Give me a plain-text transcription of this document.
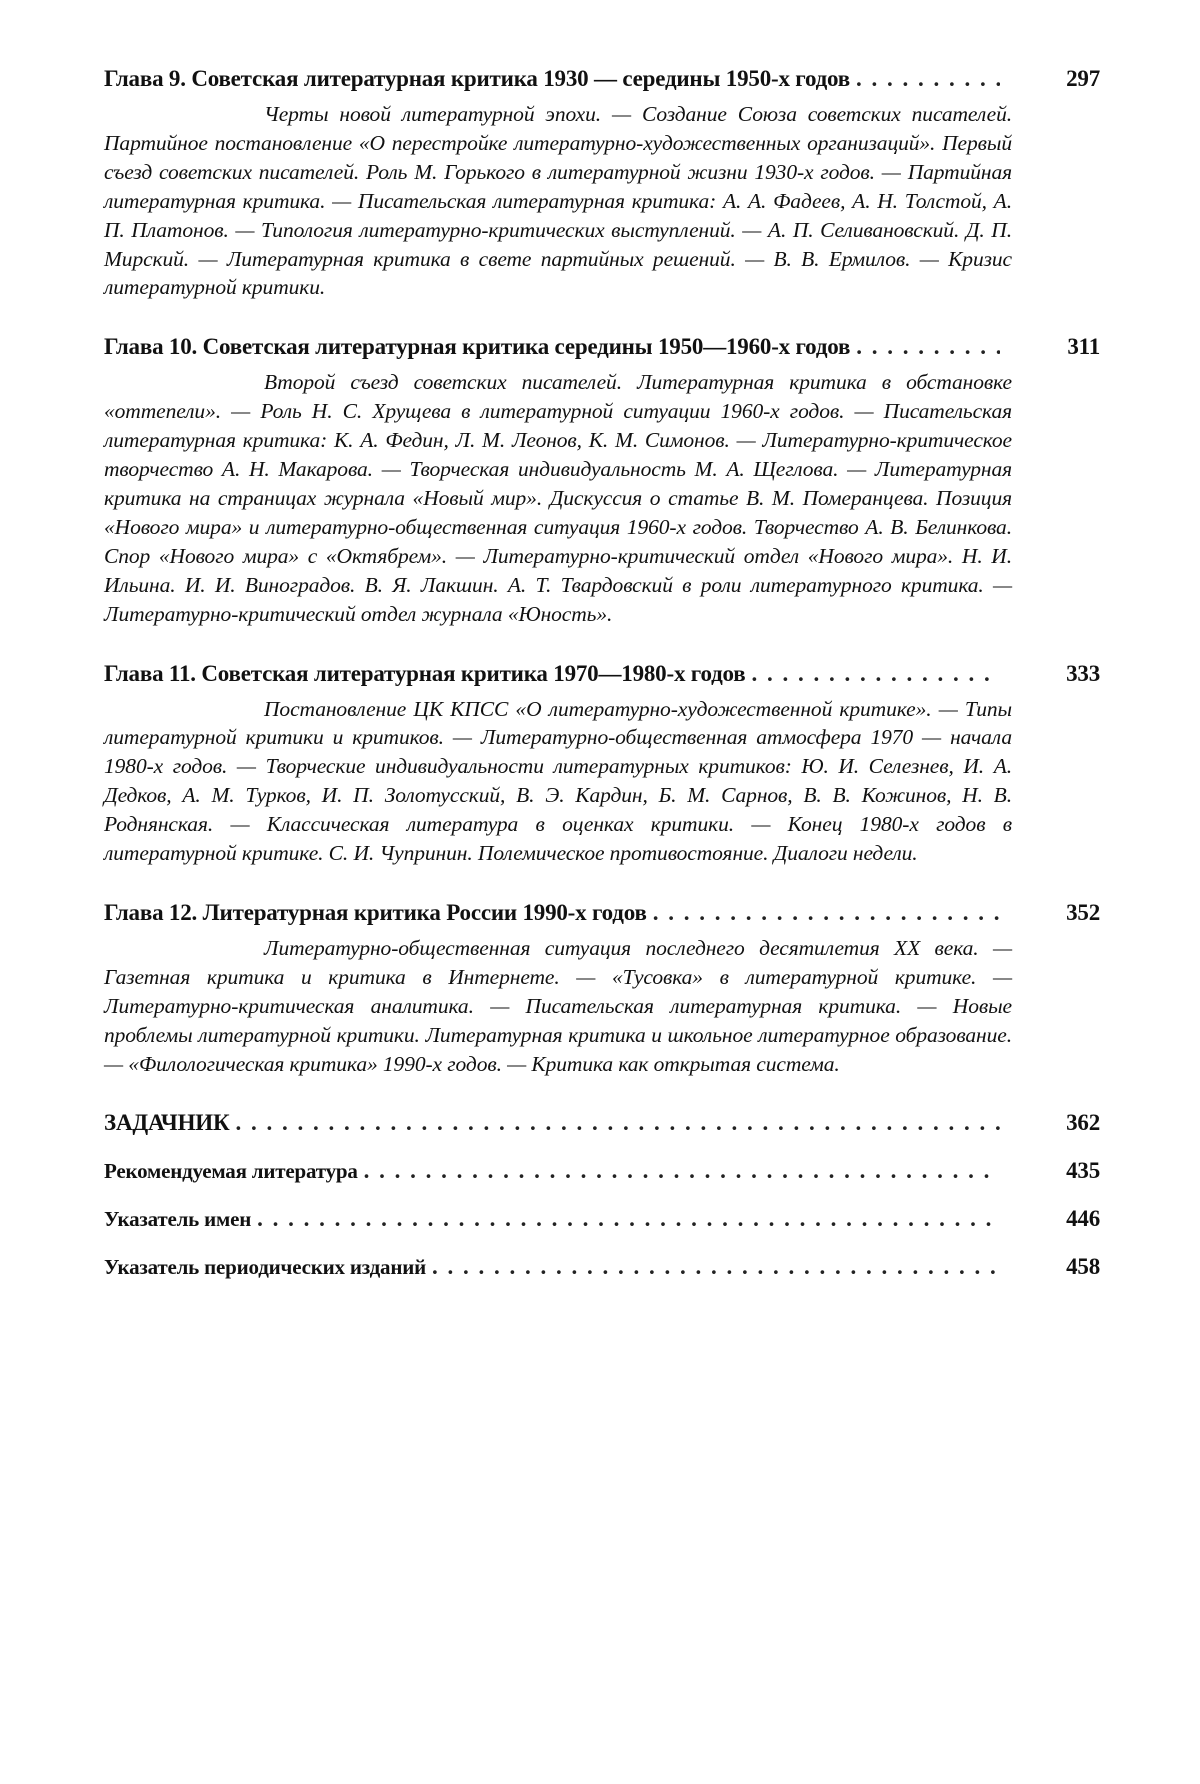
Глава 9. Советская литературная критика 1930 — середины 1950-х годов . . .	297
Черты новой литературной эпохи. — Создание Союза советских писателей. Партийное постановление «О перестройке литературно-художественных организаций». Первый съезд советских писателей. Роль М. Горького в литературной жизни 1930-х годов. — Партийная литературная критика. — Писательская литературная критика: А. А. Фадеев, А. Н. Толстой, А. П. Платонов. — Типология литературно-критических выступлений. — А. П. Селивановский. Д. П. Мирский. — Литературная критика в свете партийных решений. — В. В. Ермилов. — Кризис литературной критики.
Глава 10. Советская литературная критика середины 1950—1960-х годов . . .	311
Второй съезд советских писателей. Литературная критика в обстановке «оттепели». — Роль Н. С. Хрущева в литературной ситуации 1960-х годов. — Писательская литературная критика: К. А. Федин, Л. М. Леонов, К. М. Симонов. — Литературно-критическое творчество А. Н. Макарова. — Творческая индивидуальность М. А. Щеглова. — Литературная критика на страницах журнала «Новый мир». Дискуссия о статье В. М. Померанцева. Позиция «Нового мира» и литературно-общественная ситуация 1960-х годов. Творчество А. В. Белинкова. Спор «Нового мира» с «Октябрем». — Литературно-критический отдел «Нового мира». Н. И. Ильина. И. И. Виноградов. В. Я. Лакшин. А. Т. Твардовский в роли литературного критика. — Литературно-критический отдел журнала «Юность».
Глава 11. Советская литературная критика 1970—1980-х годов . . .	333
Постановление ЦК КПСС «О литературно-художественной критике». — Типы литературной критики и критиков. — Литературно-общественная атмосфера 1970 — начала 1980-х годов. — Творческие индивидуальности литературных критиков: Ю. И. Селезнев, И. А. Дедков, А. М. Турков, И. П. Золотусский, В. Э. Кардин, Б. М. Сарнов, В. В. Кожинов, Н. В. Роднянская. — Классическая литература в оценках критики. — Конец 1980-х годов в литературной критике. С. И. Чупринин. Полемическое противостояние. Диалоги недели.
Глава 12. Литературная критика России 1990-х годов . . .	352
Литературно-общественная ситуация последнего десятилетия XX века. — Газетная критика и критика в Интернете. — «Тусовка» в литературной критике. — Литературно-критическая аналитика. — Писательская литературная критика. — Новые проблемы литературной критики. Литературная критика и школьное литературное образование. — «Филологическая критика» 1990-х годов. — Критика как открытая система.
ЗАДАЧНИК . . .	362
Рекомендуемая литература . . .	435
Указатель имен . . .	446
Указатель периодических изданий . . .	458
